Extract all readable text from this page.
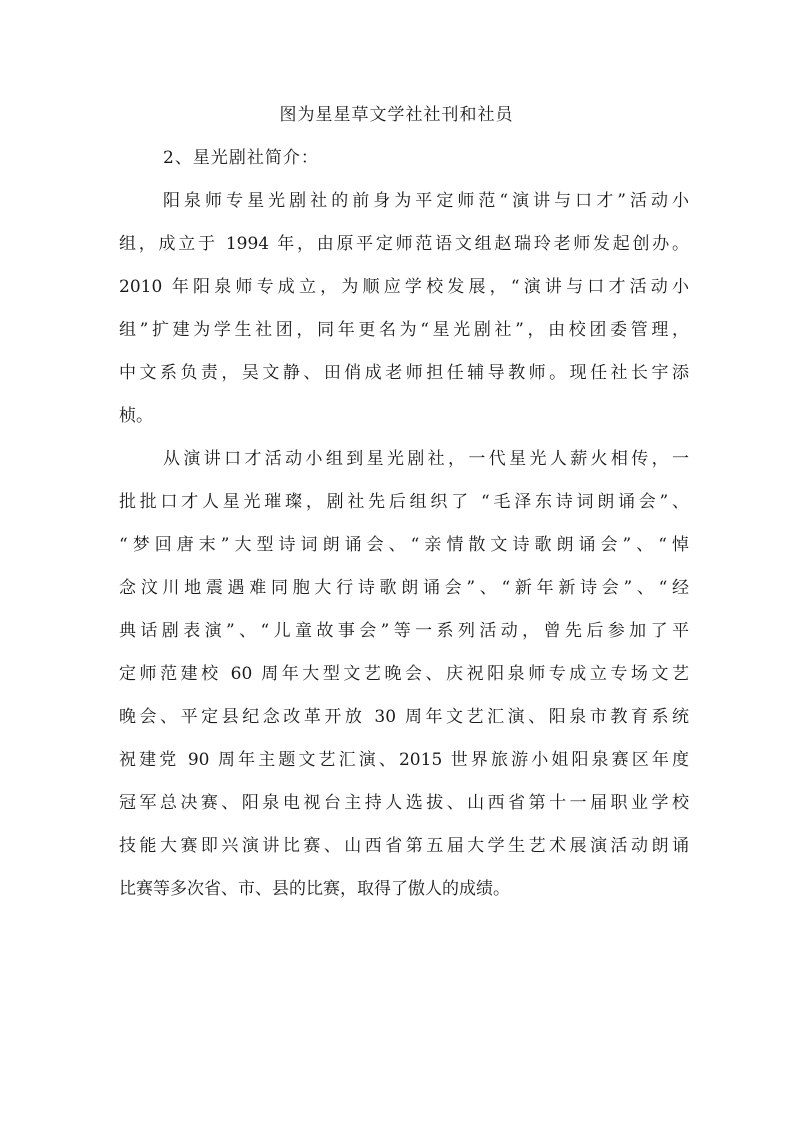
图为星星草文学社社刊和社员
2、星光剧社简介：
阳泉师专星光剧社的前身为平定师范“演讲与口才”活动小
组，成立于 1994 年，由原平定师范语文组赵瑞玲老师发起创办。
2010 年阳泉师专成立，为顺应学校发展，“演讲与口才活动小
组”扩建为学生社团，同年更名为“星光剧社”，由校团委管理，
中文系负责，吴文静、田俏成老师担任辅导教师。现任社长宇添
桢。
从演讲口才活动小组到星光剧社，一代星光人薪火相传，一
批批口才人星光璀璨，剧社先后组织了 “毛泽东诗词朗诵会”、
“梦回唐末”大型诗词朗诵会、“亲情散文诗歌朗诵会”、“悼
念汶川地震遇难同胞大行诗歌朗诵会”、“新年新诗会”、“经
典话剧表演”、“儿童故事会”等一系列活动，曾先后参加了平
定师范建校 60 周年大型文艺晚会、庆祝阳泉师专成立专场文艺
晚会、平定县纪念改革开放 30 周年文艺汇演、阳泉市教育系统
祝建党 90 周年主题文艺汇演、2015 世界旅游小姐阳泉赛区年度
冠军总决赛、阳泉电视台主持人选拔、山西省第十一届职业学校
技能大赛即兴演讲比赛、山西省第五届大学生艺术展演活动朗诵
比赛等多次省、市、县的比赛，取得了傲人的成绩。
